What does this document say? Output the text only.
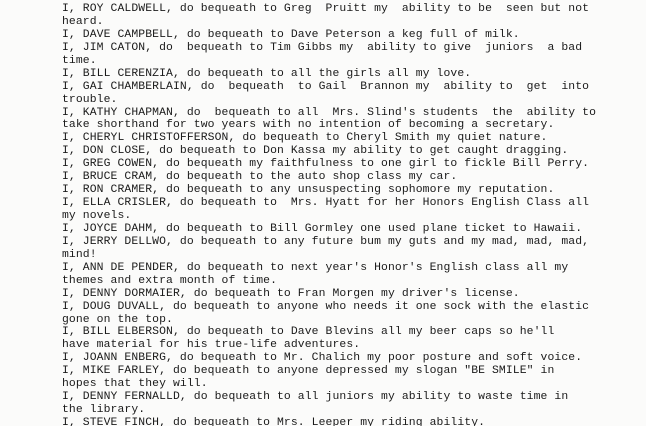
I, ROY CALDWELL, do bequeath to Greg  Pruitt my  ability to be  seen but not
heard.
I, DAVE CAMPBELL, do bequeath to Dave Peterson a keg full of milk.
I, JIM CATON, do  bequeath to Tim Gibbs my  ability to give  juniors  a bad
time.
I, BILL CERENZIA, do bequeath to all the girls all my love.
I, GAI CHAMBERLAIN, do  bequeath  to Gail  Brannon my  ability to  get  into
trouble.
I, KATHY CHAPMAN, do  bequeath to all  Mrs. Slind's students  the  ability to
take shorthand for two years with no intention of becoming a secretary.
I, CHERYL CHRISTOFFERSON, do bequeath to Cheryl Smith my quiet nature.
I, DON CLOSE, do bequeath to Don Kassa my ability to get caught dragging.
I, GREG COWEN, do bequeath my faithfulness to one girl to fickle Bill Perry.
I, BRUCE CRAM, do bequeath to the auto shop class my car.
I, RON CRAMER, do bequeath to any unsuspecting sophomore my reputation.
I, ELLA CRISLER, do bequeath to  Mrs. Hyatt for her Honors English Class all
my novels.
I, JOYCE DAHM, do bequeath to Bill Gormley one used plane ticket to Hawaii.
I, JERRY DELLWO, do bequeath to any future bum my guts and my mad, mad, mad,
mind!
I, ANN DE PENDER, do bequeath to next year's Honor's English class all my
themes and extra month of time.
I, DENNY DORMAIER, do bequeath to Fran Morgen my driver's license.
I, DOUG DUVALL, do bequeath to anyone who needs it one sock with the elastic
gone on the top.
I, BILL ELBERSON, do bequeath to Dave Blevins all my beer caps so he'll
have material for his true-life adventures.
I, JOANN ENBERG, do bequeath to Mr. Chalich my poor posture and soft voice.
I, MIKE FARLEY, do bequeath to anyone depressed my slogan "BE SMILE" in
hopes that they will.
I, DENNY FERNALLD, do bequeath to all juniors my ability to waste time in
the library.
I, STEVE FINCH, do bequeath to Mrs. Leeper my riding ability.
